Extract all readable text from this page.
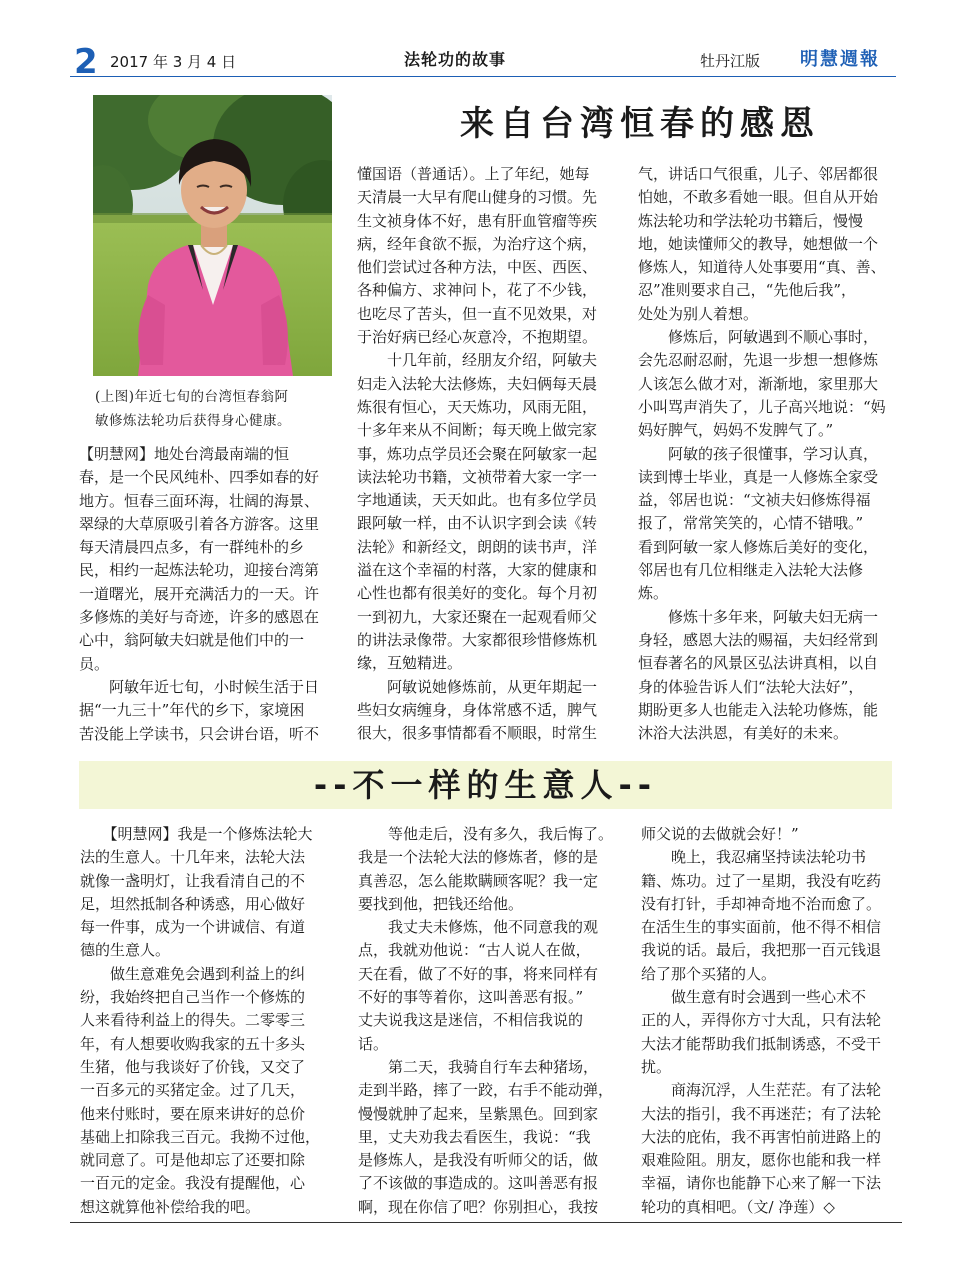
2 2017 年 3 月 4 日	法轮功的故事	牡丹江版 明慧週報
(上图)年近七旬的台湾恒春翁阿
敏修炼法轮功后获得身心健康。
来自台湾恒春的感恩
【明慧网】地处台湾最南端的恒
春，是一个民风纯朴、四季如春的好
地方。恒春三面环海，壮阔的海景、
翠绿的大草原吸引着各方游客。这里
每天清晨四点多，有一群纯朴的乡
民，相约一起炼法轮功，迎接台湾第
一道曙光，展开充满活力的一天。许
多修炼的美好与奇迹，许多的感恩在
心中，翁阿敏夫妇就是他们中的一
员。
　　阿敏年近七旬，小时候生活于日
据“一九三十”年代的乡下，家境困
苦没能上学读书，只会讲台语，听不
懂国语（普通话）。上了年纪，她每
天清晨一大早有爬山健身的习惯。先
生文祯身体不好，患有肝血管瘤等疾
病，经年食欲不振，为治疗这个病，
他们尝试过各种方法，中医、西医、
各种偏方、求神问卜，花了不少钱，
也吃尽了苦头，但一直不见效果，对
于治好病已经心灰意冷，不抱期望。
　　十几年前，经朋友介绍，阿敏夫
妇走入法轮大法修炼，夫妇俩每天晨
炼很有恒心，天天炼功，风雨无阻，
十多年来从不间断；每天晚上做完家
事，炼功点学员还会聚在阿敏家一起
读法轮功书籍，文祯带着大家一字一
字地通读，天天如此。也有多位学员
跟阿敏一样，由不认识字到会读《转
法轮》和新经文，朗朗的读书声，洋
溢在这个幸福的村落，大家的健康和
心性也都有很美好的变化。每个月初
一到初九，大家还聚在一起观看师父
的讲法录像带。大家都很珍惜修炼机
缘，互勉精进。
　　阿敏说她修炼前，从更年期起一
些妇女病缠身，身体常感不适，脾气
很大，很多事情都看不顺眼，时常生
气，讲话口气很重，儿子、邻居都很
怕她，不敢多看她一眼。但自从开始
炼法轮功和学法轮功书籍后，慢慢
地，她读懂师父的教导，她想做一个
修炼人，知道待人处事要用“真、善、
忍”准则要求自己，“先他后我”，
处处为别人着想。
　　修炼后，阿敏遇到不顺心事时，
会先忍耐忍耐，先退一步想一想修炼
人该怎么做才对，渐渐地，家里那大
小叫骂声消失了，儿子高兴地说：“妈
妈好脾气，妈妈不发脾气了。”
　　阿敏的孩子很懂事，学习认真，
读到博士毕业，真是一人修炼全家受
益，邻居也说：“文祯夫妇修炼得福
报了，常常笑笑的，心情不错哦。”
看到阿敏一家人修炼后美好的变化，
邻居也有几位相继走入法轮大法修
炼。
　　修炼十多年来，阿敏夫妇无病一
身轻，感恩大法的赐福，夫妇经常到
恒春著名的风景区弘法讲真相，以自
身的体验告诉人们“法轮大法好”，
期盼更多人也能走入法轮功修炼，能
沐浴大法洪恩，有美好的未来。
--不一样的生意人--
　　【明慧网】我是一个修炼法轮大
法的生意人。十几年来，法轮大法
就像一盏明灯，让我看清自己的不
足，坦然抵制各种诱惑，用心做好
每一件事，成为一个讲诚信、有道
德的生意人。
　　做生意难免会遇到利益上的纠
纷，我始终把自己当作一个修炼的
人来看待利益上的得失。二零零三
年，有人想要收购我家的五十多头
生猪，他与我谈好了价钱，又交了
一百多元的买猪定金。过了几天，
他来付账时，要在原来讲好的总价
基础上扣除我三百元。我拗不过他，
就同意了。可是他却忘了还要扣除
一百元的定金。我没有提醒他，心
想这就算他补偿给我的吧。
　　等他走后，没有多久，我后悔了。
我是一个法轮大法的修炼者，修的是
真善忍，怎么能欺瞒顾客呢？我一定
要找到他，把钱还给他。
　　我丈夫未修炼，他不同意我的观
点，我就劝他说：“古人说人在做，
天在看，做了不好的事，将来同样有
不好的事等着你，这叫善恶有报。”
丈夫说我这是迷信，不相信我说的
话。
　　第二天，我骑自行车去种猪场，
走到半路，摔了一跤，右手不能动弹，
慢慢就肿了起来，呈紫黑色。回到家
里，丈夫劝我去看医生，我说：“我
是修炼人，是我没有听师父的话，做
了不该做的事造成的。这叫善恶有报
啊，现在你信了吧？你别担心，我按
师父说的去做就会好！”
　　晚上，我忍痛坚持读法轮功书
籍、炼功。过了一星期，我没有吃药
没有打针，手却神奇地不治而愈了。
在活生生的事实面前，他不得不相信
我说的话。最后，我把那一百元钱退
给了那个买猪的人。
　　做生意有时会遇到一些心术不
正的人，弄得你方寸大乱，只有法轮
大法才能帮助我们抵制诱惑，不受干
扰。
　　商海沉浮，人生茫茫。有了法轮
大法的指引，我不再迷茫；有了法轮
大法的庇佑，我不再害怕前进路上的
艰难险阻。朋友，愿你也能和我一样
幸福，请你也能静下心来了解一下法
轮功的真相吧。（文/ 净莲）◇
